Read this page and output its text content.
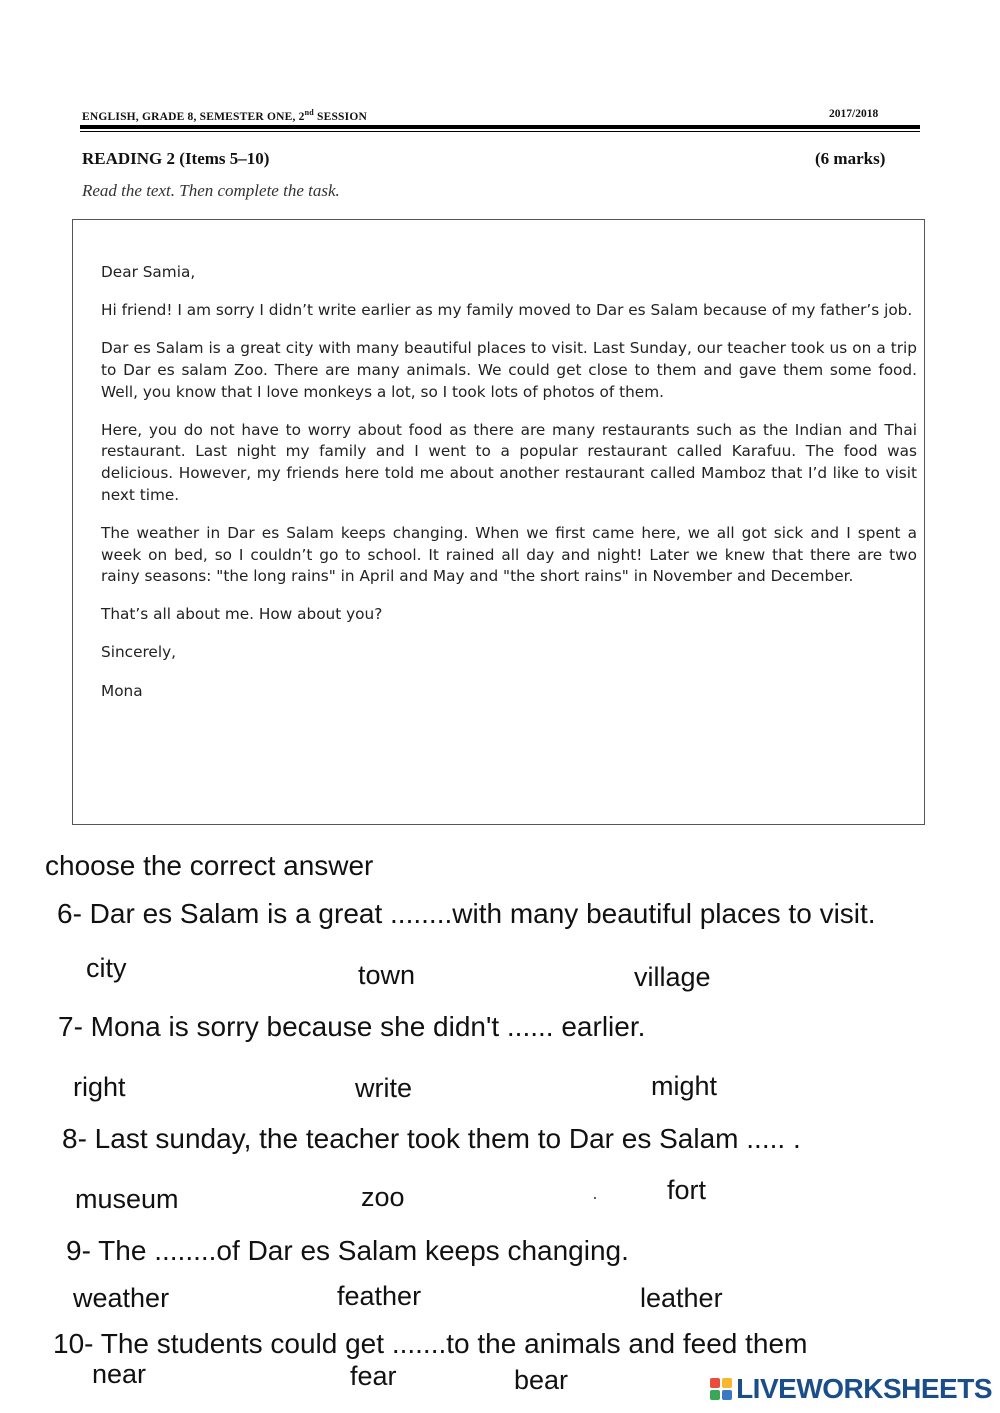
ENGLISH, GRADE 8, SEMESTER ONE, 2nd SESSION	2017/2018
READING 2 (Items 5–10)	(6 marks)
Read the text. Then complete the task.

Dear Samia,

Hi friend! I am sorry I didn’t write earlier as my family moved to Dar es Salam because of my father’s job.

Dar es Salam is a great city with many beautiful places to visit. Last Sunday, our teacher took us on a trip to Dar es salam Zoo. There are many animals. We could get close to them and gave them some food. Well, you know that I love monkeys a lot, so I took lots of photos of them.

Here, you do not have to worry about food as there are many restaurants such as the Indian and Thai restaurant. Last night my family and I went to a popular restaurant called Karafuu. The food was delicious. However, my friends here told me about another restaurant called Mamboz that I’d like to visit next time.

The weather in Dar es Salam keeps changing. When we first came here, we all got sick and I spent a week on bed, so I couldn’t go to school. It rained all day and night! Later we knew that there are two rainy seasons: "the long rains" in April and May and "the short rains" in November and December.

That’s all about me. How about you?

Sincerely,

Mona

choose the correct answer
6- Dar es Salam is a great ........with many beautiful places to visit.
city	town	village
7- Mona is sorry because she didn't ...... earlier.
right	write	might
8- Last sunday, the teacher took them to Dar es Salam ..... .
museum	zoo	fort
9- The ........of Dar es Salam keeps changing.
weather	feather	leather
10- The students could get .......to the animals and feed them
near	fear	bear	LIVEWORKSHEETS
